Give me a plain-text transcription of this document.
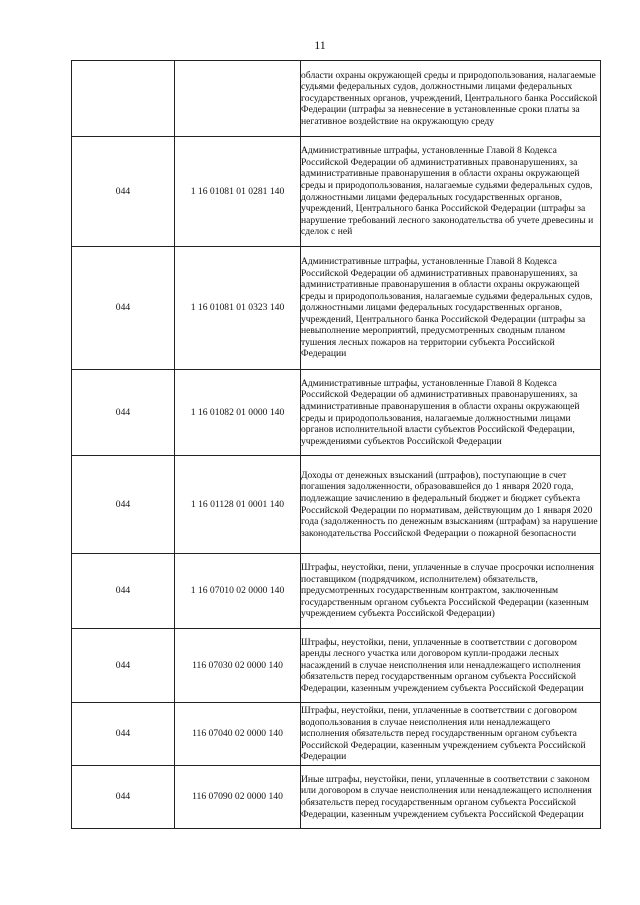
11
		области охраны окружающей среды и природопользования, налагаемые судьями федеральных судов, должностными лицами федеральных государственных органов, учреждений, Центрального банка Российской Федерации (штрафы за невнесение в установленные сроки платы за негативное воздействие на окружающую среду
044	1 16 01081 01 0281 140	Административные штрафы, установленные Главой 8 Кодекса Российской Федерации об административных правонарушениях, за административные правонарушения в области охраны окружающей среды и природопользования, налагаемые судьями федеральных судов, должностными лицами федеральных государственных органов, учреждений, Центрального банка Российской Федерации (штрафы за нарушение требований лесного законодательства об учете древесины и сделок с ней
044	1 16 01081 01 0323 140	Административные штрафы, установленные Главой 8 Кодекса Российской Федерации об административных правонарушениях, за административные правонарушения в области охраны окружающей среды и природопользования, налагаемые судьями федеральных судов, должностными лицами федеральных государственных органов, учреждений, Центрального банка Российской Федерации (штрафы за невыполнение мероприятий, предусмотренных сводным планом тушения лесных пожаров на территории субъекта Российской Федерации
044	1 16 01082 01 0000 140	Административные штрафы, установленные Главой 8 Кодекса Российской Федерации об административных правонарушениях, за административные правонарушения в области охраны окружающей среды и природопользования, налагаемые должностными лицами органов исполнительной власти субъектов Российской Федерации, учреждениями субъектов Российской Федерации
044	1 16 01128 01 0001 140	Доходы от денежных взысканий (штрафов), поступающие в счет погашения задолженности, образовавшейся до 1 января 2020 года, подлежащие зачислению в федеральный бюджет и бюджет субъекта Российской Федерации по нормативам, действующим до 1 января 2020 года (задолженность по денежным взысканиям (штрафам) за нарушение законодательства Российской Федерации о пожарной безопасности
044	1 16 07010 02 0000 140	Штрафы, неустойки, пени, уплаченные в случае просрочки исполнения поставщиком (подрядчиком, исполнителем) обязательств, предусмотренных государственным контрактом, заключенным государственным органом субъекта Российской Федерации (казенным учреждением субъекта Российской Федерации)
044	116 07030 02 0000 140	Штрафы, неустойки, пени, уплаченные в соответствии с договором аренды лесного участка или договором купли-продажи лесных насаждений в случае неисполнения или ненадлежащего исполнения обязательств перед государственным органом субъекта Российской Федерации, казенным учреждением субъекта Российской Федерации
044	116 07040 02 0000 140	Штрафы, неустойки, пени, уплаченные в соответствии с договором водопользования в случае неисполнения или ненадлежащего исполнения обязательств перед государственным органом субъекта Российской Федерации, казенным учреждением субъекта Российской Федерации
044	116 07090 02 0000 140	Иные штрафы, неустойки, пени, уплаченные в соответствии с законом или договором в случае неисполнения или ненадлежащего исполнения обязательств перед государственным органом субъекта Российской Федерации, казенным учреждением субъекта Российской Федерации
